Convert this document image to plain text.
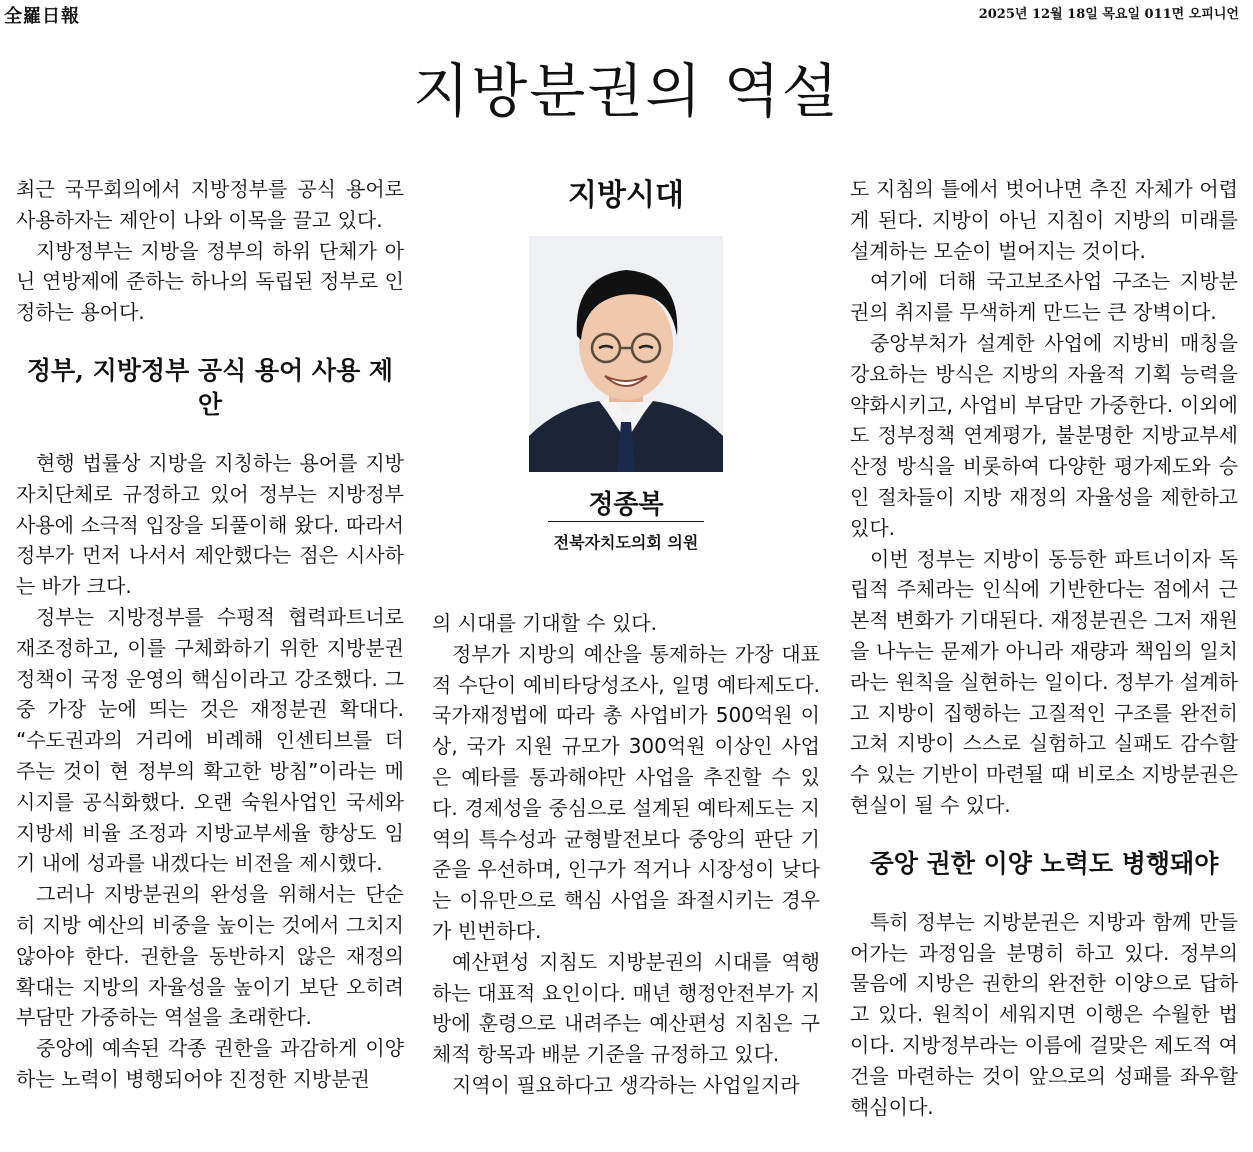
全羅日報	2025년 12월 18일 목요일 011면 오피니언
지방분권의 역설

최근 국무회의에서 지방정부를 공식 용어로 사용하자는 제안이 나와 이목을 끌고 있다.

지방정부는 지방을 정부의 하위 단체가 아닌 연방제에 준하는 하나의 독립된 정부로 인정하는 용어다.

정부, 지방정부 공식 용어 사용 제안

현행 법률상 지방을 지칭하는 용어를 지방자치단체로 규정하고 있어 정부는 지방정부 사용에 소극적 입장을 되풀이해 왔다. 따라서 정부가 먼저 나서서 제안했다는 점은 시사하는 바가 크다.

정부는 지방정부를 수평적 협력파트너로 재조정하고, 이를 구체화하기 위한 지방분권 정책이 국정 운영의 핵심이라고 강조했다. 그 중 가장 눈에 띄는 것은 재정분권 확대다. “수도권과의 거리에 비례해 인센티브를 더 주는 것이 현 정부의 확고한 방침”이라는 메시지를 공식화했다. 오랜 숙원사업인 국세와 지방세 비율 조정과 지방교부세율 향상도 임기 내에 성과를 내겠다는 비전을 제시했다.

그러나 지방분권의 완성을 위해서는 단순히 지방 예산의 비중을 높이는 것에서 그치지 않아야 한다. 권한을 동반하지 않은 재정의 확대는 지방의 자율성을 높이기 보단 오히려 부담만 가중하는 역설을 초래한다.

중앙에 예속된 각종 권한을 과감하게 이양하는 노력이 병행되어야 진정한 지방분권

지방시대
정종복
전북자치도의회 의원

의 시대를 기대할 수 있다.

정부가 지방의 예산을 통제하는 가장 대표적 수단이 예비타당성조사, 일명 예타제도다. 국가재정법에 따라 총 사업비가 500억원 이상, 국가 지원 규모가 300억원 이상인 사업은 예타를 통과해야만 사업을 추진할 수 있다. 경제성을 중심으로 설계된 예타제도는 지역의 특수성과 균형발전보다 중앙의 판단 기준을 우선하며, 인구가 적거나 시장성이 낮다는 이유만으로 핵심 사업을 좌절시키는 경우가 빈번하다.

예산편성 지침도 지방분권의 시대를 역행하는 대표적 요인이다. 매년 행정안전부가 지방에 훈령으로 내려주는 예산편성 지침은 구체적 항목과 배분 기준을 규정하고 있다.

지역이 필요하다고 생각하는 사업일지라

도 지침의 틀에서 벗어나면 추진 자체가 어렵게 된다. 지방이 아닌 지침이 지방의 미래를 설계하는 모순이 벌어지는 것이다.

여기에 더해 국고보조사업 구조는 지방분권의 취지를 무색하게 만드는 큰 장벽이다.

중앙부처가 설계한 사업에 지방비 매칭을 강요하는 방식은 지방의 자율적 기획 능력을 약화시키고, 사업비 부담만 가중한다. 이외에도 정부정책 연계평가, 불분명한 지방교부세 산정 방식을 비롯하여 다양한 평가제도와 승인 절차들이 지방 재정의 자율성을 제한하고 있다.

이번 정부는 지방이 동등한 파트너이자 독립적 주체라는 인식에 기반한다는 점에서 근본적 변화가 기대된다. 재정분권은 그저 재원을 나누는 문제가 아니라 재량과 책임의 일치라는 원칙을 실현하는 일이다. 정부가 설계하고 지방이 집행하는 고질적인 구조를 완전히 고쳐 지방이 스스로 실험하고 실패도 감수할 수 있는 기반이 마련될 때 비로소 지방분권은 현실이 될 수 있다.

중앙 권한 이양 노력도 병행돼야

특히 정부는 지방분권은 지방과 함께 만들어가는 과정임을 분명히 하고 있다. 정부의 물음에 지방은 권한의 완전한 이양으로 답하고 있다. 원칙이 세워지면 이행은 수월한 법이다. 지방정부라는 이름에 걸맞은 제도적 여건을 마련하는 것이 앞으로의 성패를 좌우할 핵심이다.
